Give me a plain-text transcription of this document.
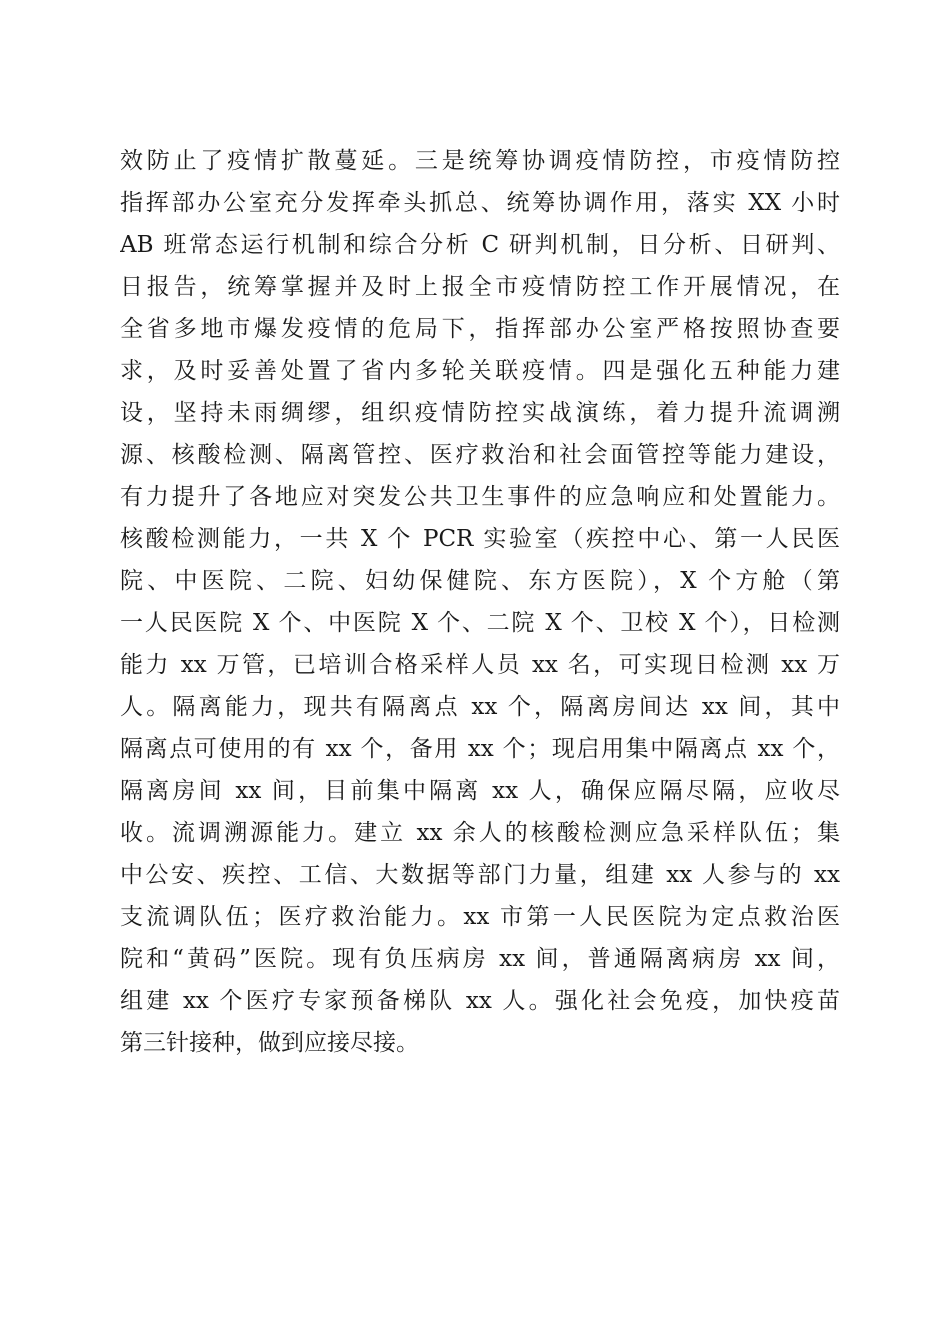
效防止了疫情扩散蔓延。三是统筹协调疫情防控，市疫情防控
指挥部办公室充分发挥牵头抓总、统筹协调作用，落实 XX 小时
AB 班常态运行机制和综合分析 C 研判机制，日分析、日研判、
日报告，统筹掌握并及时上报全市疫情防控工作开展情况，在
全省多地市爆发疫情的危局下，指挥部办公室严格按照协查要
求，及时妥善处置了省内多轮关联疫情。四是强化五种能力建
设，坚持未雨绸缪，组织疫情防控实战演练，着力提升流调溯
源、核酸检测、隔离管控、医疗救治和社会面管控等能力建设，
有力提升了各地应对突发公共卫生事件的应急响应和处置能力。
核酸检测能力，一共 X 个 PCR 实验室（疾控中心、第一人民医
院、中医院、二院、妇幼保健院、东方医院），X 个方舱（第
一人民医院 X 个、中医院 X 个、二院 X 个、卫校 X 个），日检测
能力 xx 万管，已培训合格采样人员 xx 名，可实现日检测 xx 万
人。隔离能力，现共有隔离点 xx 个，隔离房间达 xx 间，其中
隔离点可使用的有 xx 个，备用 xx 个；现启用集中隔离点 xx 个，
隔离房间 xx 间，目前集中隔离 xx 人，确保应隔尽隔，应收尽
收。流调溯源能力。建立 xx 余人的核酸检测应急采样队伍；集
中公安、疾控、工信、大数据等部门力量，组建 xx 人参与的 xx
支流调队伍；医疗救治能力。xx 市第一人民医院为定点救治医
院和“黄码”医院。现有负压病房 xx 间，普通隔离病房 xx 间，
组建 xx 个医疗专家预备梯队 xx 人。强化社会免疫，加快疫苗
第三针接种，做到应接尽接。
